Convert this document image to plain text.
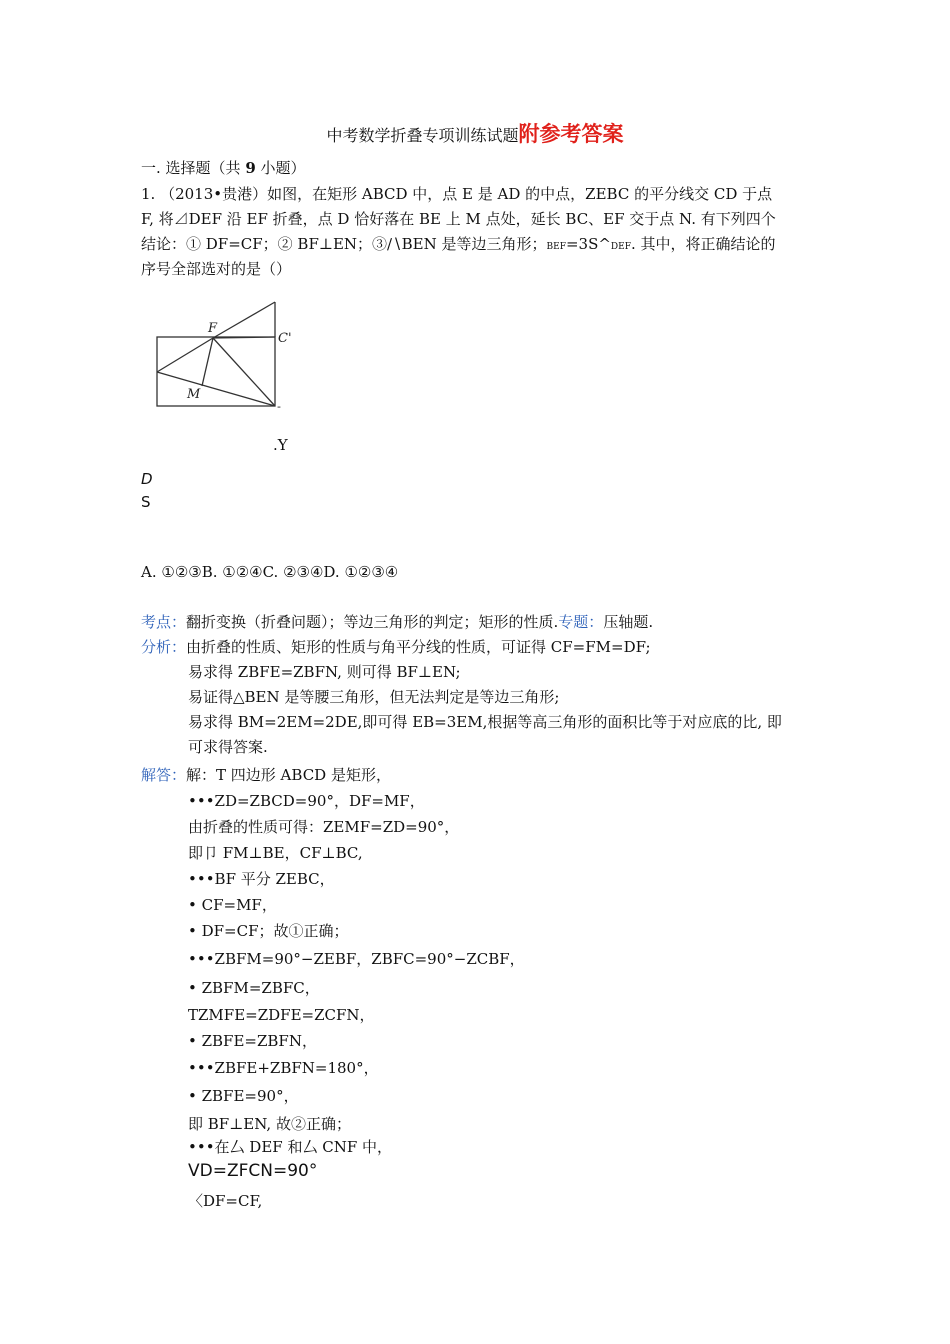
中考数学折叠专项训练试题附参考答案
一. 选择题（共 9 小题）
1. （2013•贵港）如图，在矩形 ABCD 中，点 E 是 AD 的中点，ZEBC 的平分线交 CD 于点
F, 将⊿DEF 沿 EF 折叠，点 D 恰好落在 BE 上 M 点处，延长 BC、EF 交于点 N. 有下列四个
结论：① DF=CF；② BF⊥EN；③∕∖BEN 是等边三角形；BEF=3S^DEF. 其中，将正确结论的
序号全部选对的是（）
F
C'
M
-
.Y
D
S
A. ①②③B. ①②④C. ②③④D. ①②③④
考点：翻折变换（折叠问题）；等边三角形的判定；矩形的性质.专题：压轴题.
分析：由折叠的性质、矩形的性质与角平分线的性质，可证得 CF=FM=DF;
易求得 ZBFE=ZBFN, 则可得 BF⊥EN;
易证得△BEN 是等腰三角形，但无法判定是等边三角形;
易求得 BM=2EM=2DE,即可得 EB=3EM,根据等高三角形的面积比等于对应底的比, 即
可求得答案.
解答：解：T 四边形 ABCD 是矩形，
•••ZD=ZBCD=90°，DF=MF，
由折叠的性质可得：ZEMF=ZD=90°，
即卩 FM⊥BE，CF⊥BC,
•••BF 平分 ZEBC，
• CF=MF，
• DF=CF；故①正确；
•••ZBFM=90°−ZEBF，ZBFC=90°−ZCBF，
• ZBFM=ZBFC，
TZMFE=ZDFE=ZCFN，
• ZBFE=ZBFN，
•••ZBFE+ZBFN=180°，
• ZBFE=90°，
即 BF⊥EN, 故②正确；
•••在厶 DEF 和厶 CNF 中，
VD=ZFCN=90°
〈DF=CF,
